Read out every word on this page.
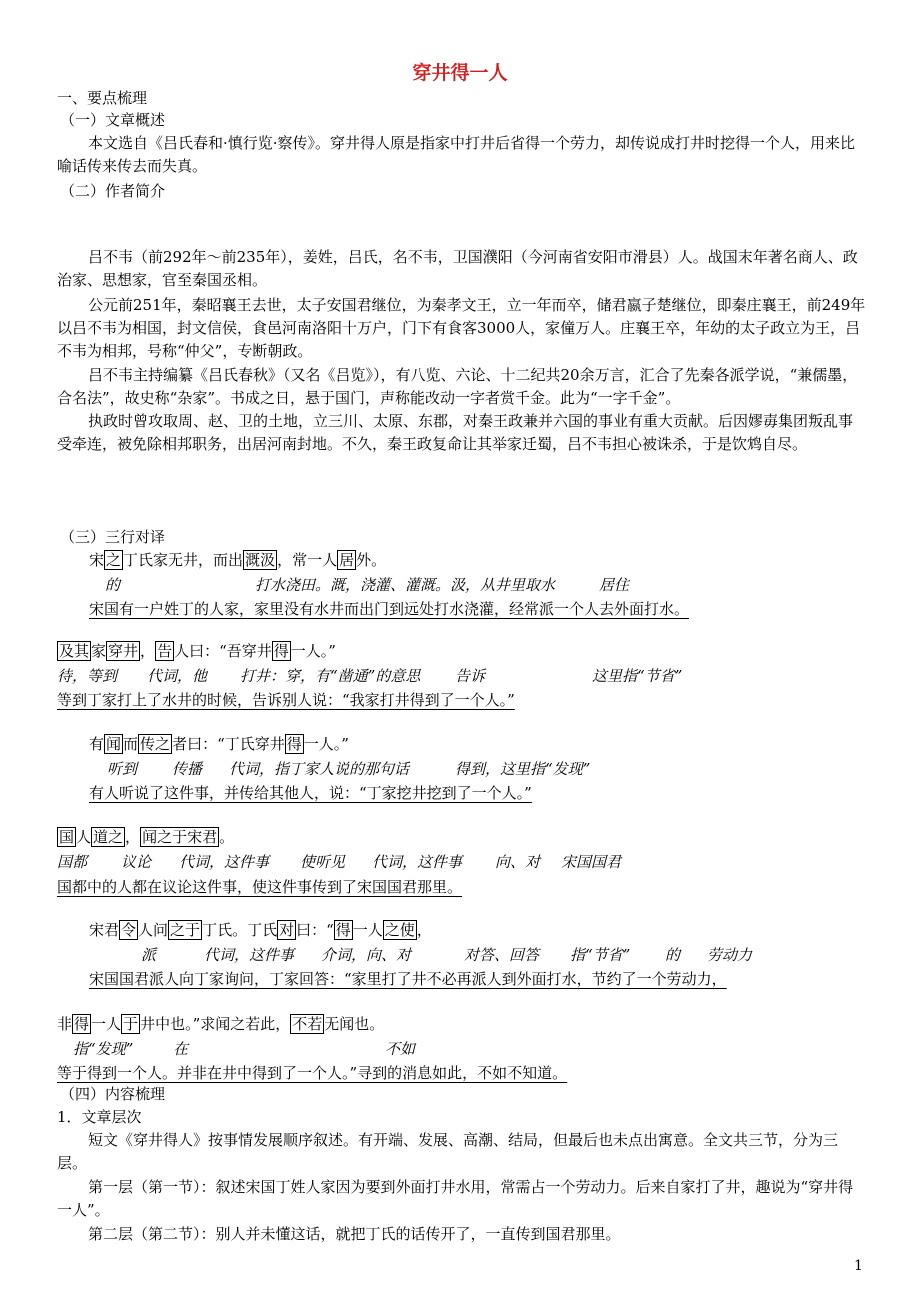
穿井得一人
一、要点梳理
（一）文章概述
本文选自《吕氏春和·慎行览·察传》。穿井得人原是指家中打井后省得一个劳力，却传说成打井时挖得一个人，用来比喻话传来传去而失真。
（二）作者简介
吕不韦（前292年～前235年），姜姓，吕氏，名不韦，卫国濮阳（今河南省安阳市滑县）人。战国末年著名商人、政治家、思想家，官至秦国丞相。
公元前251年，秦昭襄王去世，太子安国君继位，为秦孝文王，立一年而卒，储君嬴子楚继位，即秦庄襄王，前249年以吕不韦为相国，封文信侯，食邑河南洛阳十万户，门下有食客3000人，家僮万人。庄襄王卒，年幼的太子政立为王，吕不韦为相邦，号称“仲父”，专断朝政。
吕不韦主持编纂《吕氏春秋》（又名《吕览》），有八览、六论、十二纪共20余万言，汇合了先秦各派学说，“兼儒墨，合名法”，故史称“杂家”。书成之日，悬于国门，声称能改动一字者赏千金。此为“一字千金”。
执政时曾攻取周、赵、卫的土地，立三川、太原、东郡，对秦王政兼并六国的事业有重大贡献。后因嫪毐集团叛乱事受牵连，被免除相邦职务，出居河南封地。不久，秦王政复命让其举家迁蜀，吕不韦担心被诛杀，于是饮鸩自尽。
（三）三行对译
宋 之 丁氏家无井，而出 溉汲 ，常一人 居 外。
的	打水浇田。溉，浇灌、灌溉。汲，从井里取水	居住
宋国有一户姓丁的人家，家里没有水井而出门到远处打水浇灌，经常派一个人去外面打水。
及其 家 穿井 ， 告 人曰：“吾穿井 得 一人。”
待，等到 代词，他 打井：穿，有“凿通”的意思 告诉	这里指“节省”
等到丁家打上了水井的时候，告诉别人说：“我家打井得到了一个人。”
有 闻 而 传之 者曰：“丁氏穿井 得 一人。”
听到 传播 代词，指丁家人说的那句话	得到，这里指“发现”
有人听说了这件事，并传给其他人，说：“丁家挖井挖到了一个人。”
国 人 道之 ， 闻之于宋君 。
国都 议论 代词，这件事 使听见 代词，这件事 向、对 宋国国君
国都中的人都在议论这件事，使这件事传到了宋国国君那里。
宋君 令 人问 之于 丁氏。丁氏 对 曰：“ 得 一人 之使 ，
派	代词，这件事 介词，向、对	对答、回答 指“节省” 的 劳动力
宋国国君派人向丁家询问，丁家回答：“家里打了井不必再派人到外面打水，节约了一个劳动力，
非 得 一人 于 井中也。”求闻之若此， 不若 无闻也。
指“发现”	在	不如
等于得到一个人。并非在井中得到了一个人。”寻到的消息如此，不如不知道。
（四）内容梳理
1．文章层次
短文《穿井得人》按事情发展顺序叙述。有开端、发展、高潮、结局，但最后也未点出寓意。全文共三节，分为三层。
第一层（第一节）：叙述宋国丁姓人家因为要到外面打井水用，常需占一个劳动力。后来自家打了井，趣说为“穿井得一人”。
第二层（第二节）：别人并未懂这话，就把丁氏的话传开了，一直传到国君那里。
1
